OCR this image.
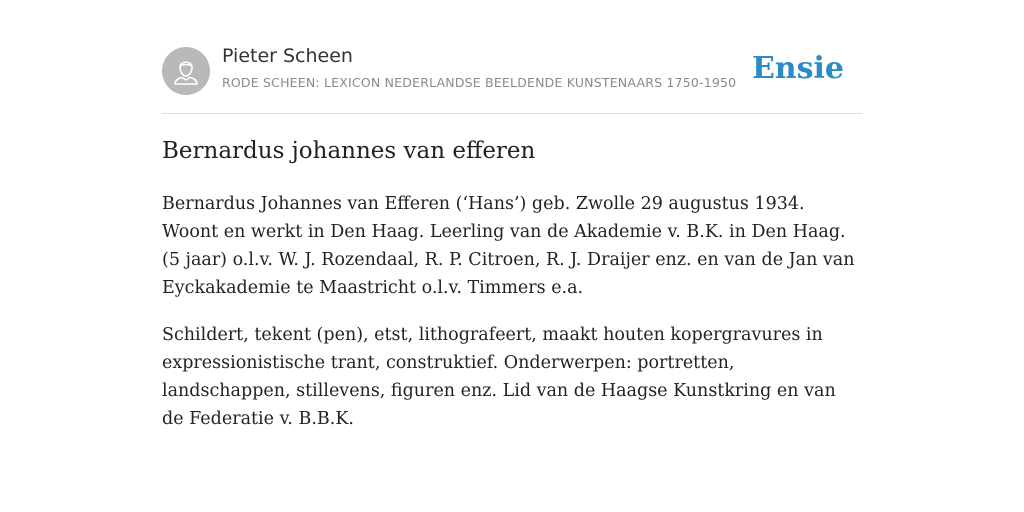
Pieter Scheen
RODE SCHEEN: LEXICON NEDERLANDSE BEELDENDE KUNSTENAARS 1750-1950 Ensie
Bernardus johannes van efferen

Bernardus Johannes van Efferen (‘Hans’) geb. Zwolle 29 augustus 1934. Woont en werkt in Den Haag. Leerling van de Akademie v. B.K. in Den Haag. (5 jaar) o.l.v. W. J. Rozendaal, R. P. Citroen, R. J. Draijer enz. en van de Jan van Eyckakademie te Maastricht o.l.v. Timmers e.a.

Schildert, tekent (pen), etst, lithografeert, maakt houten kopergravures in expressionistische trant, construktief. Onderwerpen: portretten, landschappen, stillevens, figuren enz. Lid van de Haagse Kunstkring en van de Federatie v. B.B.K.
